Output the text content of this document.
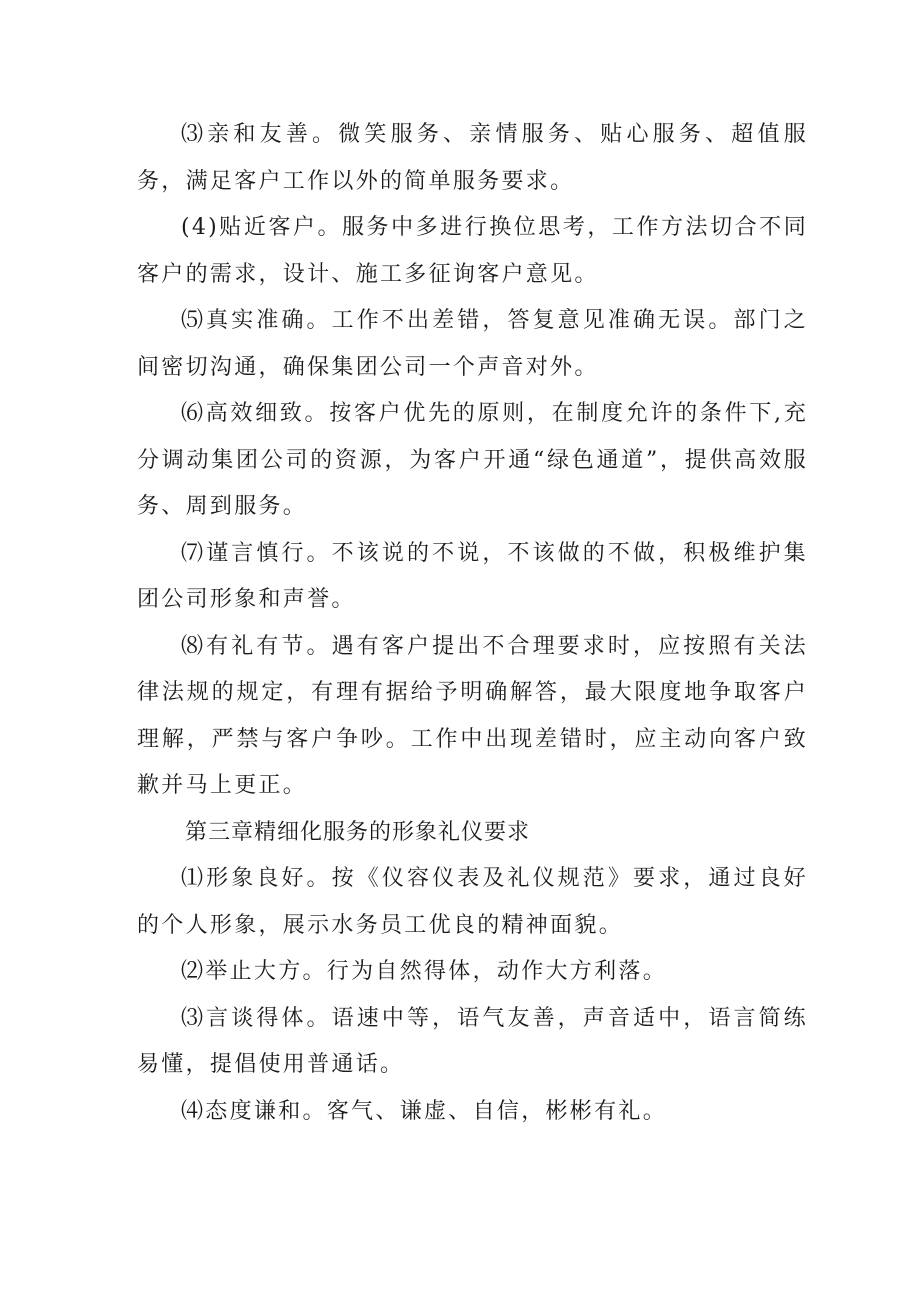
⑶亲和友善。微笑服务、亲情服务、贴心服务、超值服务，满足客户工作以外的简单服务要求。

(4)贴近客户。服务中多进行换位思考，工作方法切合不同客户的需求，设计、施工多征询客户意见。

⑸真实准确。工作不出差错，答复意见准确无误。部门之间密切沟通，确保集团公司一个声音对外。

⑹高效细致。按客户优先的原则，在制度允许的条件下,充分调动集团公司的资源，为客户开通“绿色通道”，提供高效服务、周到服务。

⑺谨言慎行。不该说的不说，不该做的不做，积极维护集团公司形象和声誉。

⑻有礼有节。遇有客户提出不合理要求时，应按照有关法律法规的规定，有理有据给予明确解答，最大限度地争取客户理解，严禁与客户争吵。工作中出现差错时，应主动向客户致歉并马上更正。

第三章精细化服务的形象礼仪要求

⑴形象良好。按《仪容仪表及礼仪规范》要求，通过良好的个人形象，展示水务员工优良的精神面貌。

⑵举止大方。行为自然得体，动作大方利落。

⑶言谈得体。语速中等，语气友善，声音适中，语言简练易懂，提倡使用普通话。

⑷态度谦和。客气、谦虚、自信，彬彬有礼。
